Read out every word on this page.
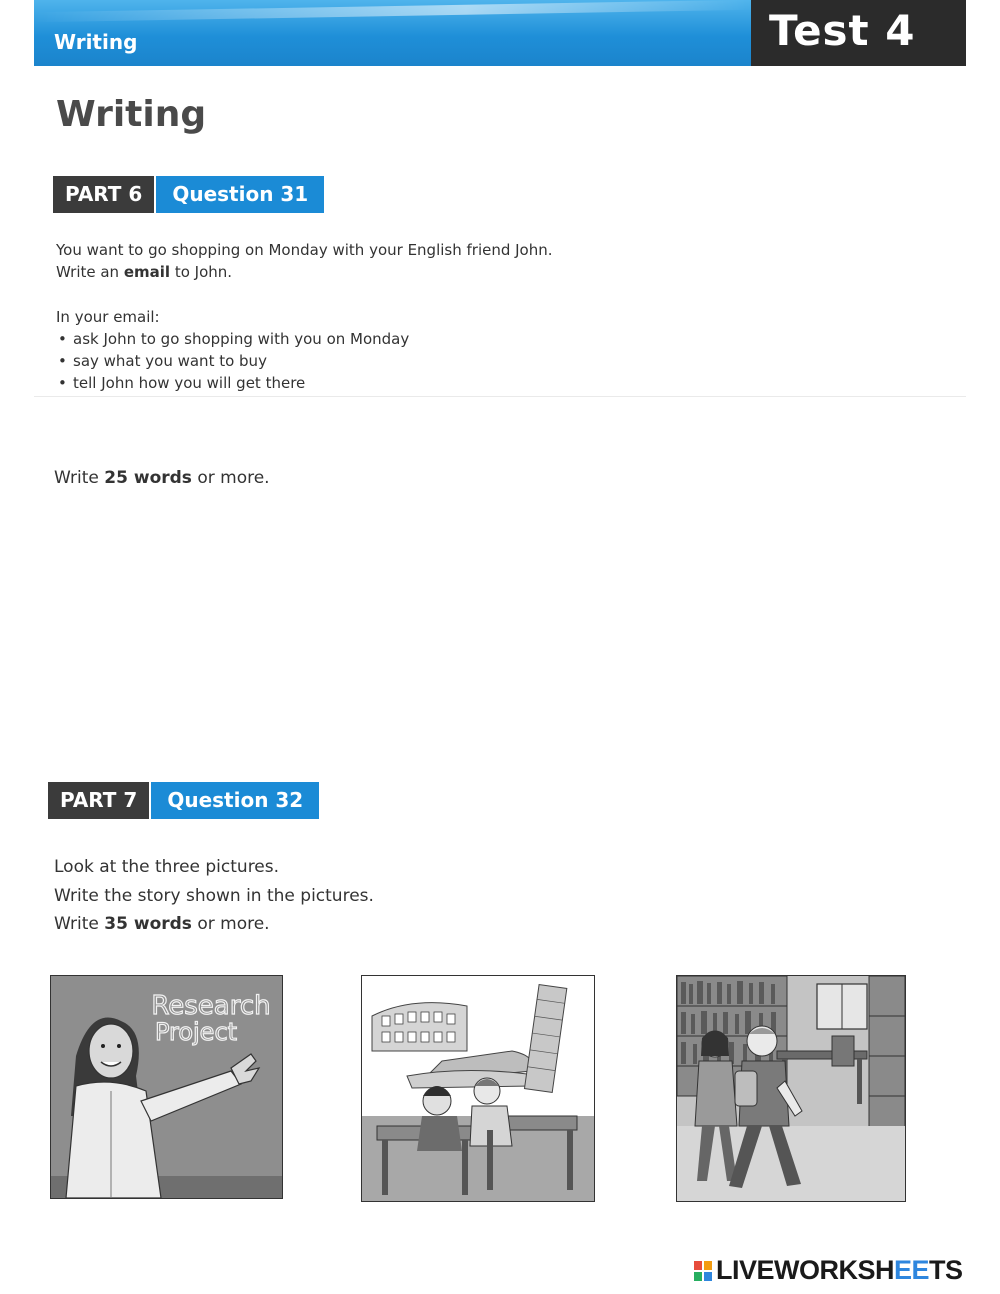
Writing	Test 4
Writing
PART 6	Question 31

You want to go shopping on Monday with your English friend John.

Write an email to John.

In your email:

• ask John to go shopping with you on Monday
• say what you want to buy
• tell John how you will get there

Write 25 words or more.

PART 7	Question 32

Look at the three pictures.

Write the story shown in the pictures.

Write 35 words or more.

Research
Project
LIVEWORKSH EE TS
